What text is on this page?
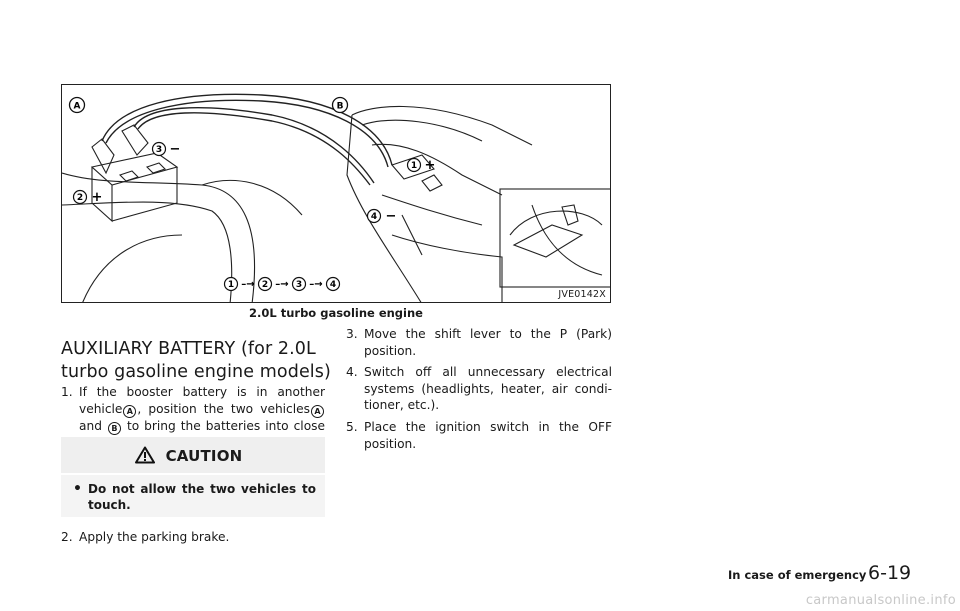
A	B
2 +
3 −
1 +
4 −
1 –→ 2 –→ 3 –→ 4
JVE0142X
2.0L turbo gasoline engine
AUXILIARY BATTERY (for 2.0L turbo gasoline engine models)
1. If the booster battery is in another vehicle A , position the two vehicles A and B to bring the batteries into close
CAUTION
• Do not allow the two vehicles to touch.
2. Apply the parking brake.
3. Move the shift lever to the P (Park) position.
4. Switch off all unnecessary electrical systems (headlights, heater, air condi-tioner, etc.).
5. Place the ignition switch in the OFF position.
In case of emergency 6-19
carmanualsonline.info
